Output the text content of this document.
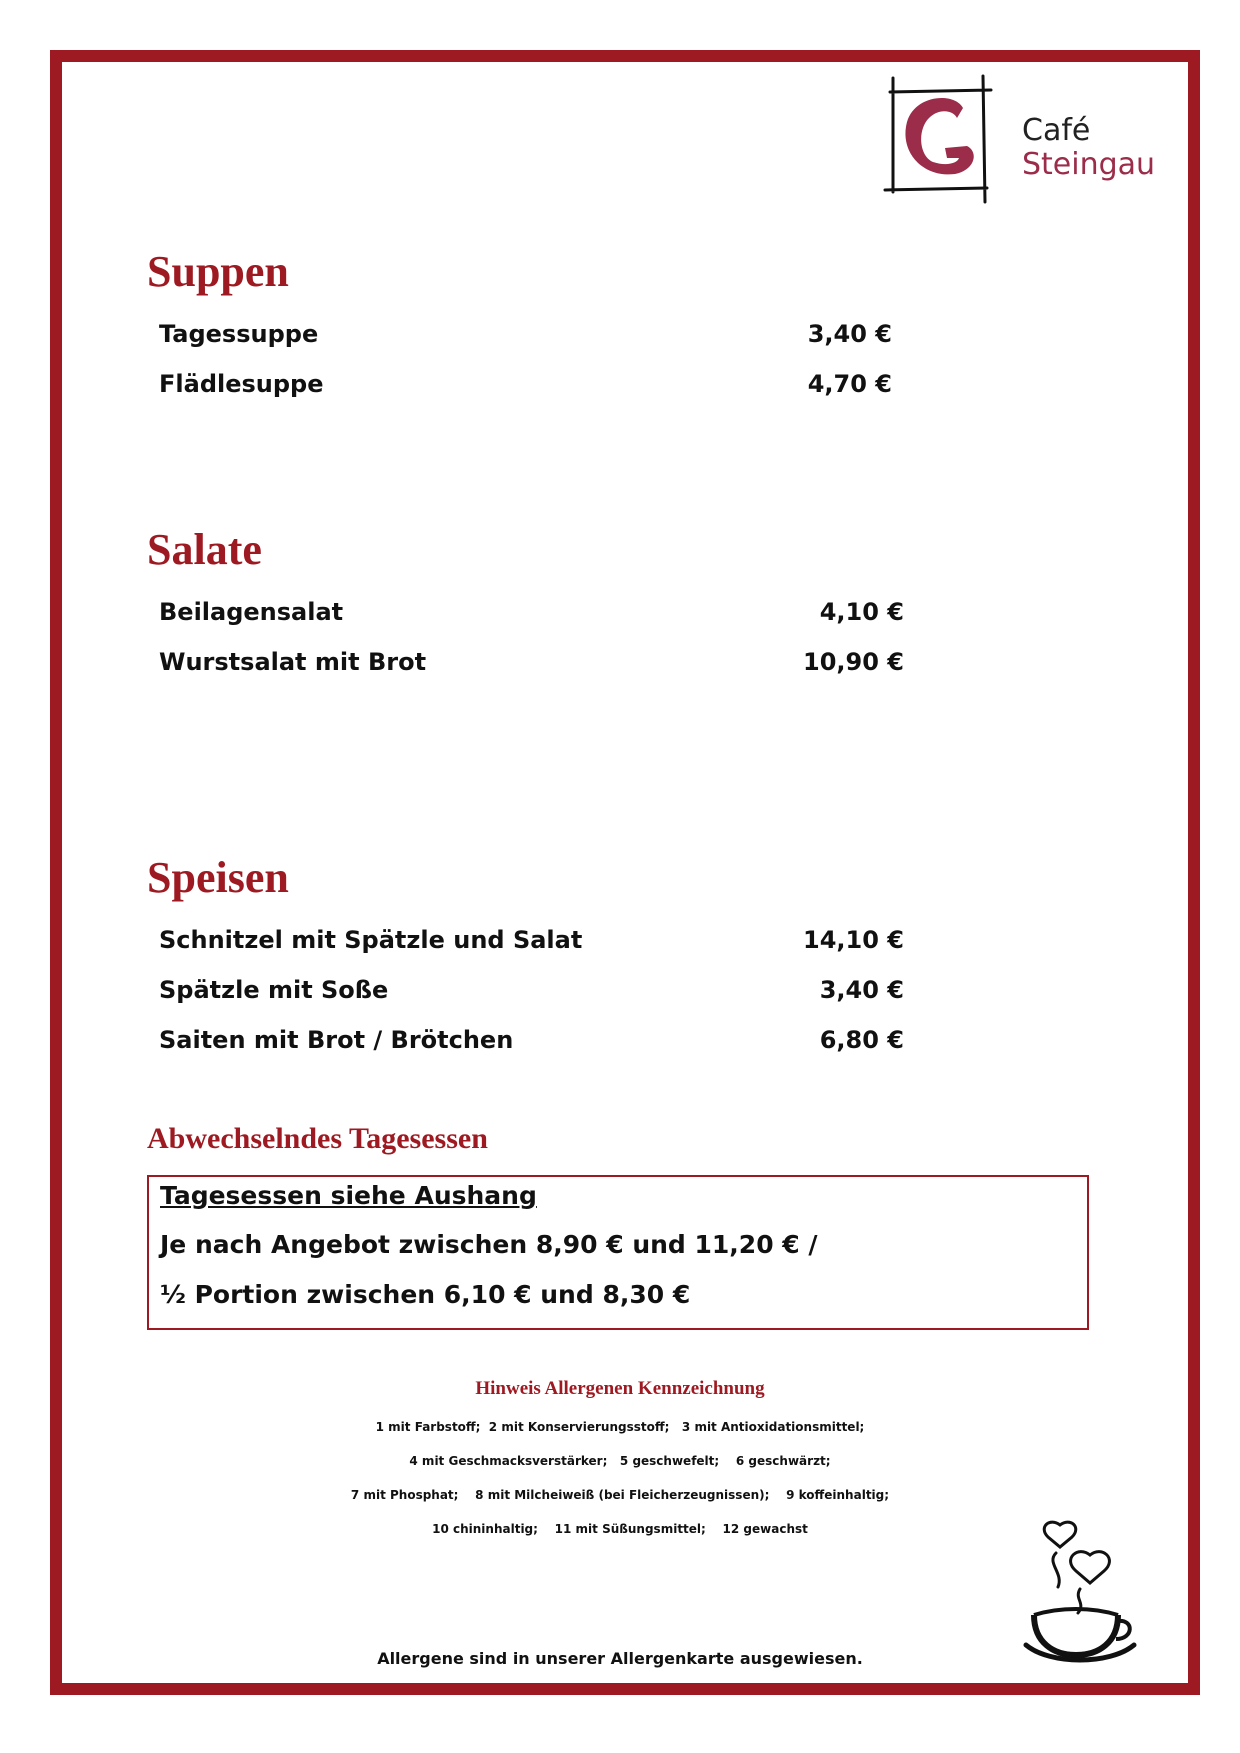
Café
Steingau
Suppen
Tagessuppe	3,40 €
Flädlesuppe	4,70 €
Salate
Beilagensalat	4,10 €
Wurstsalat mit Brot	10,90 €
Speisen
Schnitzel mit Spätzle und Salat	14,10 €
Spätzle mit Soße	3,40 €
Saiten mit Brot / Brötchen	6,80 €
Abwechselndes Tagesessen
Tagesessen siehe Aushang
Je nach Angebot zwischen 8,90 € und 11,20 € /
½ Portion zwischen 6,10 € und 8,30 €
Hinweis Allergenen Kennzeichnung
1 mit Farbstoff;  2 mit Konservierungsstoff;   3 mit Antioxidationsmittel;
4 mit Geschmacksverstärker;   5 geschwefelt;    6 geschwärzt;
7 mit Phosphat;    8 mit Milcheiweiß (bei Fleicherzeugnissen);    9 koffeinhaltig;
10 chininhaltig;    11 mit Süßungsmittel;    12 gewachst
Allergene sind in unserer Allergenkarte ausgewiesen.
